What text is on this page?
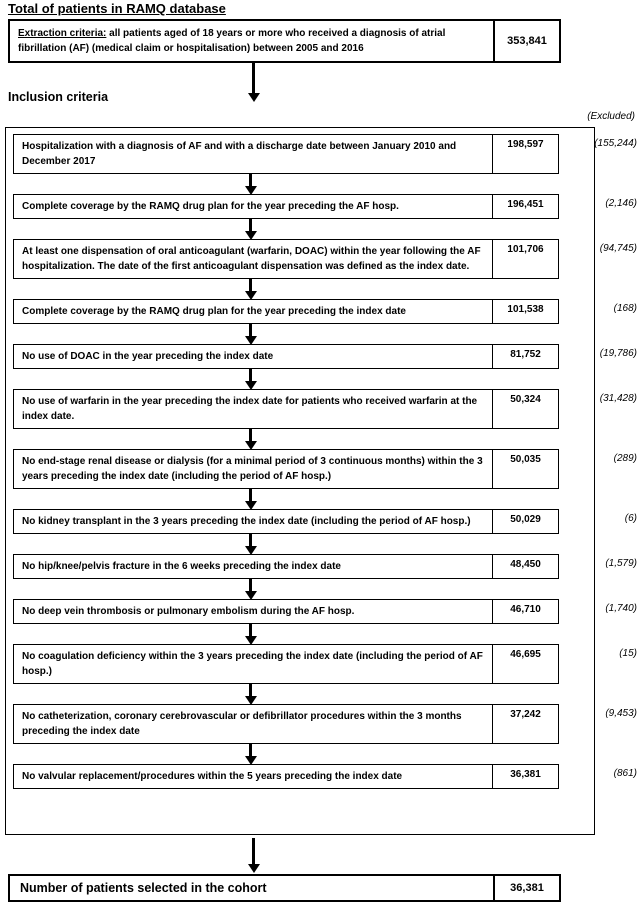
Total of patients in RAMQ database
Extraction criteria: all patients aged of 18 years or more who received a diagnosis of atrial fibrillation (AF) (medical claim or hospitalisation) between 2005 and 2016
353,841
Inclusion criteria
(Excluded)
Hospitalization with a diagnosis of AF and with a discharge date between January 2010 and December 2017
198,597	(155,244)
Complete coverage by the RAMQ drug plan for the year preceding the AF hosp.	196,451	(2,146)
At least one dispensation of oral anticoagulant (warfarin, DOAC) within the year following the AF hospitalization. The date of the first anticoagulant dispensation was defined as the index date.
101,706	(94,745)
Complete coverage by the RAMQ drug plan for the year preceding the index date	101,538	(168)
No use of DOAC in the year preceding the index date	81,752	(19,786)
No use of warfarin in the year preceding the index date for patients who received warfarin at the index date.
50,324	(31,428)
No end-stage renal disease or dialysis (for a minimal period of 3 continuous months) within the 3 years preceding the index date (including the period of AF hosp.)
50,035	(289)
No kidney transplant in the 3 years preceding the index date (including the period of AF hosp.)	50,029	(6)
No hip/knee/pelvis fracture in the 6 weeks preceding the index date	48,450	(1,579)
No deep vein thrombosis or pulmonary embolism during the AF hosp.	46,710	(1,740)
No coagulation deficiency within the 3 years preceding the index date (including the period of AF hosp.)
46,695	(15)
No catheterization, coronary cerebrovascular or defibrillator procedures within the 3 months preceding the index date
37,242	(9,453)
No valvular replacement/procedures within the 5 years preceding the index date	36,381	(861)
Number of patients selected in the cohort	36,381
